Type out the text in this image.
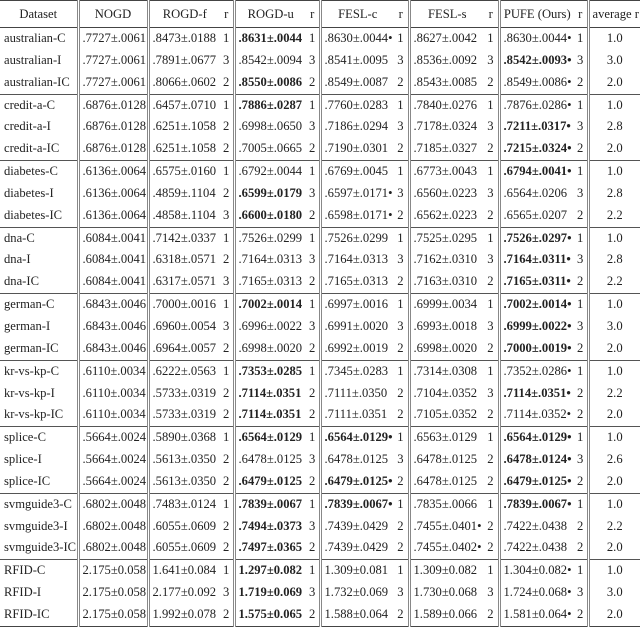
Dataset	NOGD	ROGD-f	r	ROGD-u	r	FESL-c	r	FESL-s	r	PUFE (Ours)	r	average r
australian-C	.7727±.0061	.8473±.0188	1	.8631±.0044	1	.8630±.0044•	1	.8627±.0042	1	.8630±.0044•	1	1.0
australian-I	.7727±.0061	.7891±.0677	3	.8542±.0094	3	.8541±.0095	3	.8536±.0092	3	.8542±.0093•	3	3.0
australian-IC	.7727±.0061	.8066±.0602	2	.8550±.0086	2	.8549±.0087	2	.8543±.0085	2	.8549±.0086•	2	2.0
credit-a-C	.6876±.0128	.6457±.0710	1	.7886±.0287	1	.7760±.0283	1	.7840±.0276	1	.7876±.0286•	1	1.0
credit-a-I	.6876±.0128	.6251±.1058	2	.6998±.0650	3	.7186±.0294	3	.7178±.0324	3	.7211±.0317•	3	2.8
credit-a-IC	.6876±.0128	.6251±.1058	2	.7005±.0665	2	.7190±.0301	2	.7185±.0327	2	.7215±.0324•	2	2.0
diabetes-C	.6136±.0064	.6575±.0160	1	.6792±.0044	1	.6769±.0045	1	.6773±.0043	1	.6794±.0041•	1	1.0
diabetes-I	.6136±.0064	.4859±.1104	2	.6599±.0179	3	.6597±.0171•	3	.6560±.0223	3	.6564±.0206	3	2.8
diabetes-IC	.6136±.0064	.4858±.1104	3	.6600±.0180	2	.6598±.0171•	2	.6562±.0223	2	.6565±.0207	2	2.2
dna-C	.6084±.0041	.7142±.0337	1	.7526±.0299	1	.7526±.0299	1	.7525±.0295	1	.7526±.0297•	1	1.0
dna-I	.6084±.0041	.6318±.0571	2	.7164±.0313	3	.7164±.0313	3	.7162±.0310	3	.7164±.0311•	3	2.8
dna-IC	.6084±.0041	.6317±.0571	3	.7165±.0313	2	.7165±.0313	2	.7163±.0310	2	.7165±.0311•	2	2.2
german-C	.6843±.0046	.7000±.0016	1	.7002±.0014	1	.6997±.0016	1	.6999±.0034	1	.7002±.0014•	1	1.0
german-I	.6843±.0046	.6960±.0054	3	.6996±.0022	3	.6991±.0020	3	.6993±.0018	3	.6999±.0022•	3	3.0
german-IC	.6843±.0046	.6964±.0057	2	.6998±.0020	2	.6992±.0019	2	.6998±.0020	2	.7000±.0019•	2	2.0
kr-vs-kp-C	.6110±.0034	.6222±.0563	1	.7353±.0285	1	.7345±.0283	1	.7314±.0308	1	.7352±.0286•	1	1.0
kr-vs-kp-I	.6110±.0034	.5733±.0319	2	.7114±.0351	2	.7111±.0350	2	.7104±.0352	3	.7114±.0351•	2	2.2
kr-vs-kp-IC	.6110±.0034	.5733±.0319	2	.7114±.0351	2	.7111±.0351	2	.7105±.0352	2	.7114±.0352•	2	2.0
splice-C	.5664±.0024	.5890±.0368	1	.6564±.0129	1	.6564±.0129•	1	.6563±.0129	1	.6564±.0129•	1	1.0
splice-I	.5664±.0024	.5613±.0350	2	.6478±.0125	3	.6478±.0125	3	.6478±.0125	2	.6478±.0124•	3	2.6
splice-IC	.5664±.0024	.5613±.0350	2	.6479±.0125	2	.6479±.0125•	2	.6478±.0125	2	.6479±.0125•	2	2.0
svmguide3-C	.6802±.0048	.7483±.0124	1	.7839±.0067	1	.7839±.0067•	1	.7835±.0066	1	.7839±.0067•	1	1.0
svmguide3-I	.6802±.0048	.6055±.0609	2	.7494±.0373	3	.7439±.0429	2	.7455±.0401•	2	.7422±.0438	2	2.2
svmguide3-IC	.6802±.0048	.6055±.0609	2	.7497±.0365	2	.7439±.0429	2	.7455±.0402•	2	.7422±.0438	2	2.0
RFID-C	2.175±0.058	1.641±0.084	1	1.297±0.082	1	1.309±0.081	1	1.309±0.082	1	1.304±0.082•	1	1.0
RFID-I	2.175±0.058	2.177±0.092	3	1.719±0.069	3	1.732±0.069	3	1.730±0.068	3	1.724±0.068•	3	3.0
RFID-IC	2.175±0.058	1.992±0.078	2	1.575±0.065	2	1.588±0.064	2	1.589±0.066	2	1.581±0.064•	2	2.0
